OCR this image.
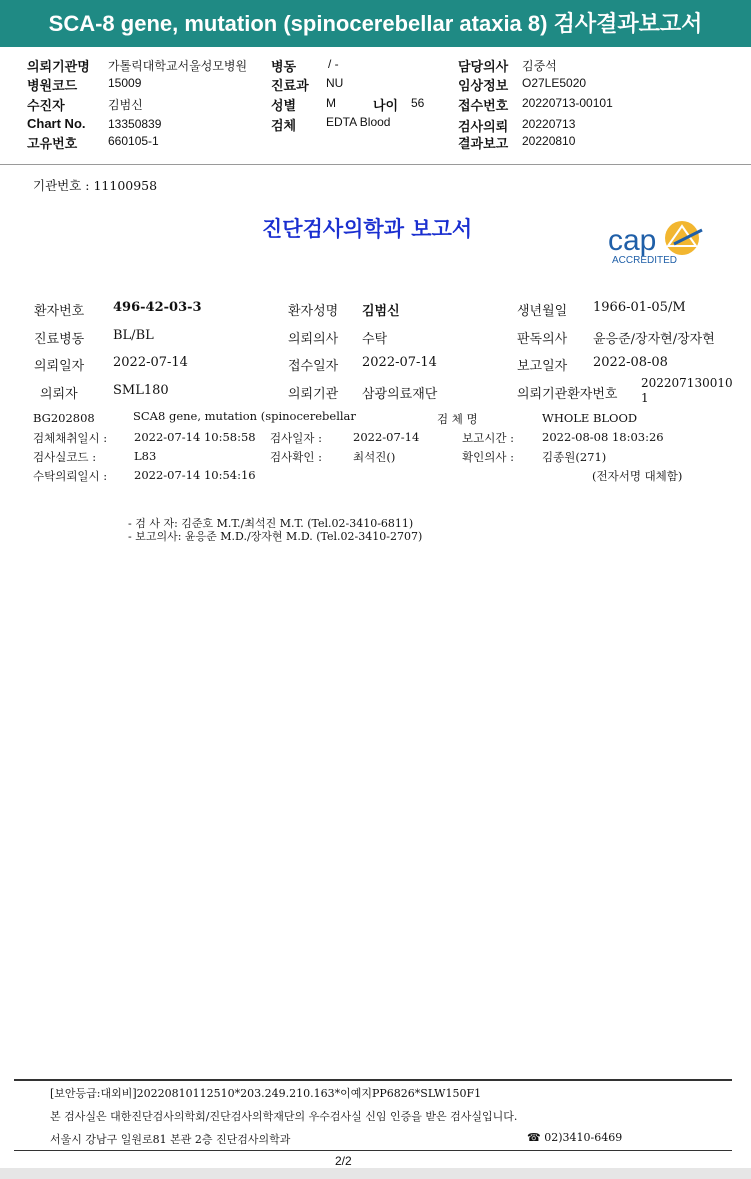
SCA-8 gene, mutation (spinocerebellar ataxia 8) 검사결과보고서
의뢰기관명 가톨릭대학교서울성모병원 병동	/ -	담당의사 김중석
병원코드	15009	진료과 NU	임상정보 O27LE5020
수진자	김범신	성별 M	나이 56	접수번호 20220713-00101
Chart No. 13350839	검체 EDTA Blood	검사의뢰 20220713
고유번호	660105-1	결과보고 20220810
기관번호 : 11100958
진단검사의학과 보고서	cap
ACCREDITED
환자번호 496-42-03-3	환자성명 김범신	생년월일 1966-01-05/M
진료병동 BL/BL	의뢰의사 수탁	판독의사 윤응준/장자현/장자현
의뢰일자 2022-07-14	접수일자 2022-07-14	보고일자 2022-08-08
의뢰자	SML180	의뢰기관 삼광의료재단	의뢰기관환자번호
202207130010
1
BG202808	SCA8 gene, mutation (spinocerebellar	검 체 명	WHOLE BLOOD
검체채취일시 : 2022-07-14 10:58:58 검사일자 :	2022-07-14	보고시간 : 2022-08-08 18:03:26
검사실코드 :	L83	검사확인 :	최석진()	확인의사 : 김종원(271)
수탁의뢰일시 : 2022-07-14 10:54:16	(전자서명 대체함)
- 검 사 자: 김준호 M.T./최석진 M.T. (Tel.02-3410-6811)
- 보고의사: 윤응준 M.D./장자현 M.D. (Tel.02-3410-2707)
[보안등급:대외비]20220810112510*203.249.210.163*이예지PP6826*SLW150F1
본 검사실은 대한진단검사의학회/진단검사의학재단의 우수검사실 신임 인증을 받은 검사실입니다.
서울시 강남구 일원로81 본관 2층 진단검사의학과	☎ 02)3410-6469
2/2
